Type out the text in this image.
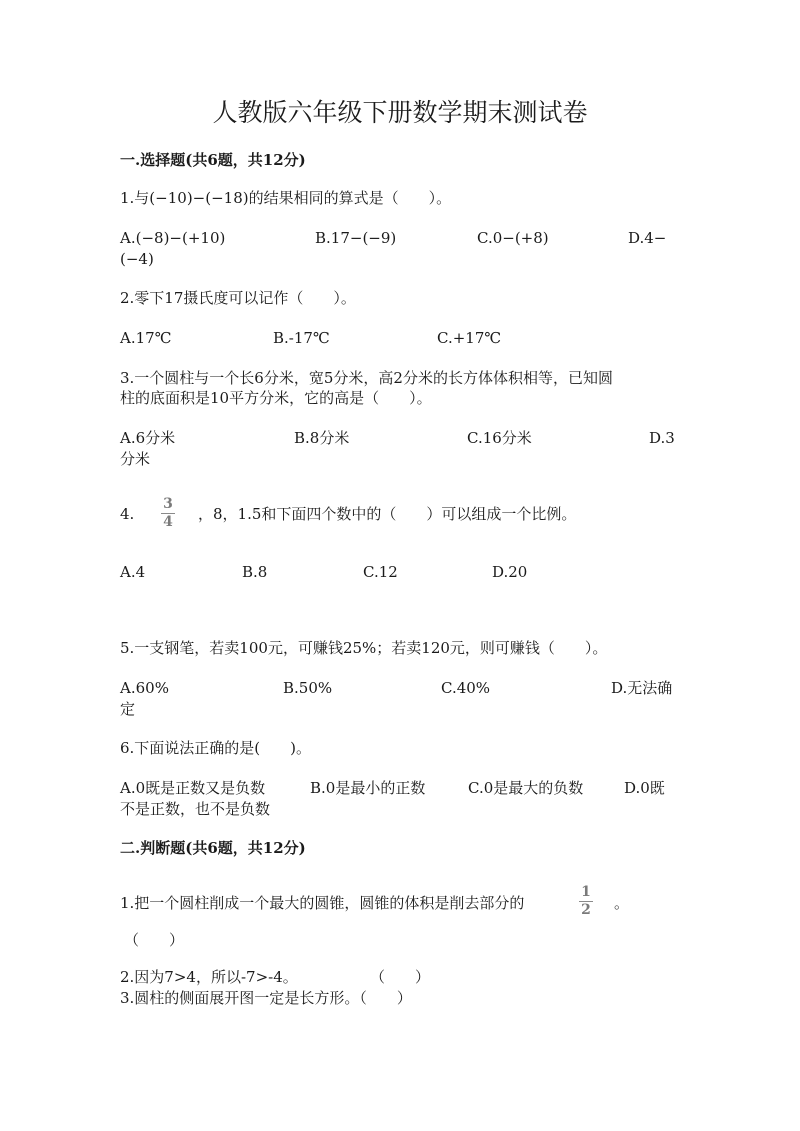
人教版六年级下册数学期末测试卷
一.选择题(共6题，共12分)
1.与(−10)−(−18)的结果相同的算式是（　　）。
A.(−8)−(+10)	B.17−(−9)	C.0−(+8)	D.4−
(−4)
2.零下17摄氏度可以记作（　　）。
A.17℃	B.-17℃	C.+17℃
3.一个圆柱与一个长6分米，宽5分米，高2分米的长方体体积相等，已知圆
柱的底面积是10平方分米，它的高是（　　）。
A.6分米	B.8分米	C.16分米	D.3
分米
4.
3
4 ，8，1.5和下面四个数中的（　　）可以组成一个比例。
A.4	B.8	C.12	D.20
5.一支钢笔，若卖100元，可赚钱25%；若卖120元，则可赚钱（　　）。
A.60%	B.50%	C.40%	D.无法确
定
6.下面说法正确的是(　　)。
A.0既是正数又是负数	B.0是最小的正数	C.0是最大的负数	D.0既
不是正数，也不是负数
二.判断题(共6题，共12分)
1.把一个圆柱削成一个最大的圆锥，圆锥的体积是削去部分的
1
2 。
（　　）
2.因为7>4，所以-7>-4。	（　　）
3.圆柱的侧面展开图一定是长方形。（　　）
